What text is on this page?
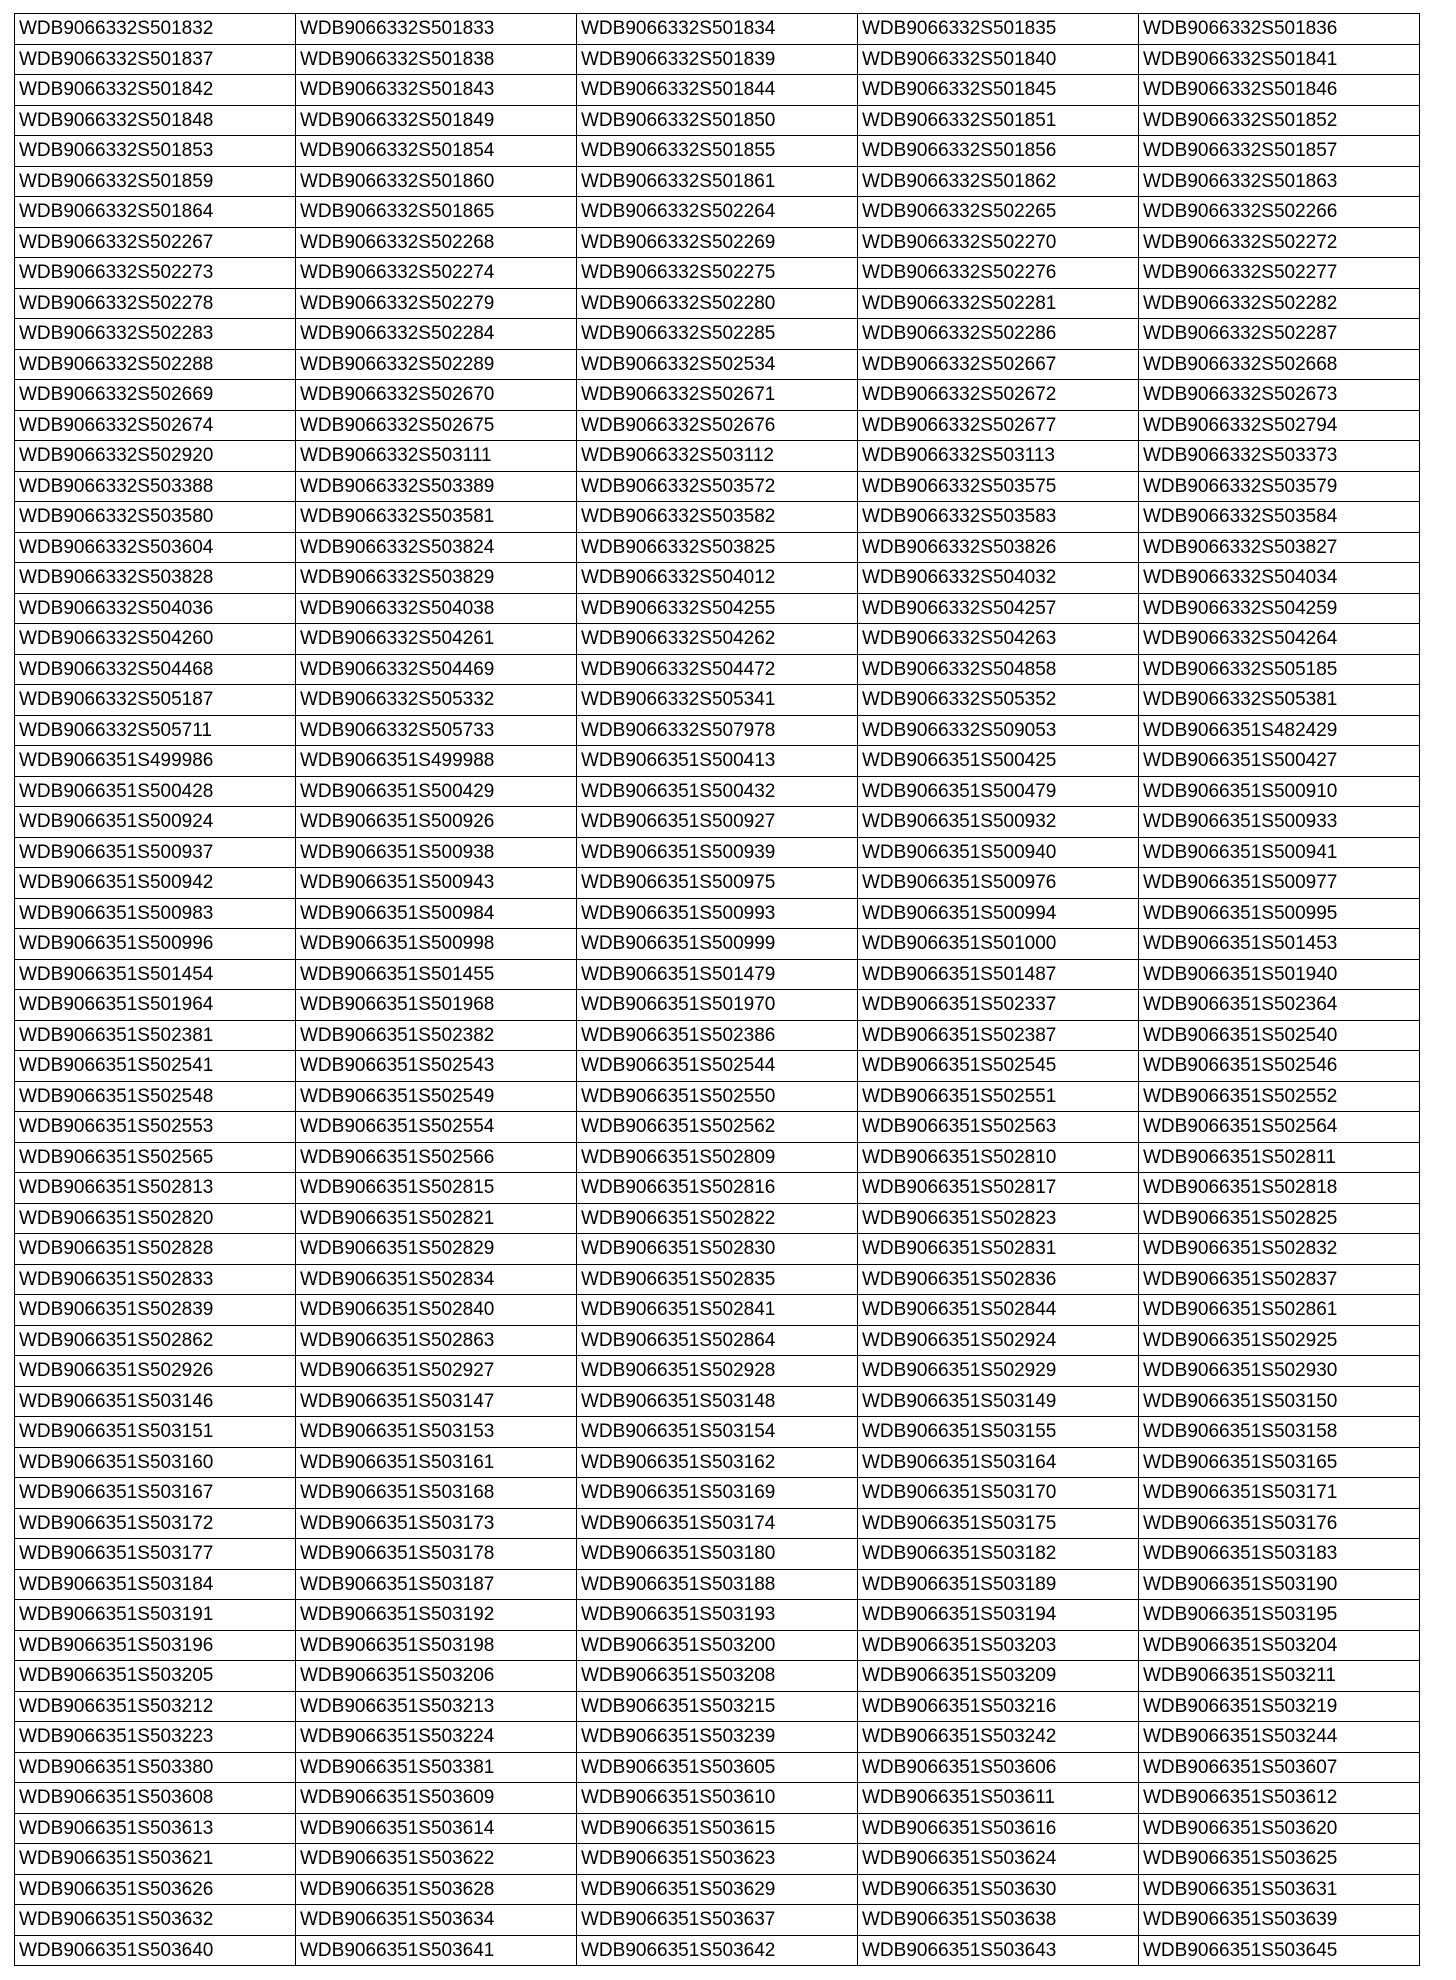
WDB9066332S501832	WDB9066332S501833	WDB9066332S501834	WDB9066332S501835	WDB9066332S501836
WDB9066332S501837	WDB9066332S501838	WDB9066332S501839	WDB9066332S501840	WDB9066332S501841
WDB9066332S501842	WDB9066332S501843	WDB9066332S501844	WDB9066332S501845	WDB9066332S501846
WDB9066332S501848	WDB9066332S501849	WDB9066332S501850	WDB9066332S501851	WDB9066332S501852
WDB9066332S501853	WDB9066332S501854	WDB9066332S501855	WDB9066332S501856	WDB9066332S501857
WDB9066332S501859	WDB9066332S501860	WDB9066332S501861	WDB9066332S501862	WDB9066332S501863
WDB9066332S501864	WDB9066332S501865	WDB9066332S502264	WDB9066332S502265	WDB9066332S502266
WDB9066332S502267	WDB9066332S502268	WDB9066332S502269	WDB9066332S502270	WDB9066332S502272
WDB9066332S502273	WDB9066332S502274	WDB9066332S502275	WDB9066332S502276	WDB9066332S502277
WDB9066332S502278	WDB9066332S502279	WDB9066332S502280	WDB9066332S502281	WDB9066332S502282
WDB9066332S502283	WDB9066332S502284	WDB9066332S502285	WDB9066332S502286	WDB9066332S502287
WDB9066332S502288	WDB9066332S502289	WDB9066332S502534	WDB9066332S502667	WDB9066332S502668
WDB9066332S502669	WDB9066332S502670	WDB9066332S502671	WDB9066332S502672	WDB9066332S502673
WDB9066332S502674	WDB9066332S502675	WDB9066332S502676	WDB9066332S502677	WDB9066332S502794
WDB9066332S502920	WDB9066332S503111	WDB9066332S503112	WDB9066332S503113	WDB9066332S503373
WDB9066332S503388	WDB9066332S503389	WDB9066332S503572	WDB9066332S503575	WDB9066332S503579
WDB9066332S503580	WDB9066332S503581	WDB9066332S503582	WDB9066332S503583	WDB9066332S503584
WDB9066332S503604	WDB9066332S503824	WDB9066332S503825	WDB9066332S503826	WDB9066332S503827
WDB9066332S503828	WDB9066332S503829	WDB9066332S504012	WDB9066332S504032	WDB9066332S504034
WDB9066332S504036	WDB9066332S504038	WDB9066332S504255	WDB9066332S504257	WDB9066332S504259
WDB9066332S504260	WDB9066332S504261	WDB9066332S504262	WDB9066332S504263	WDB9066332S504264
WDB9066332S504468	WDB9066332S504469	WDB9066332S504472	WDB9066332S504858	WDB9066332S505185
WDB9066332S505187	WDB9066332S505332	WDB9066332S505341	WDB9066332S505352	WDB9066332S505381
WDB9066332S505711	WDB9066332S505733	WDB9066332S507978	WDB9066332S509053	WDB9066351S482429
WDB9066351S499986	WDB9066351S499988	WDB9066351S500413	WDB9066351S500425	WDB9066351S500427
WDB9066351S500428	WDB9066351S500429	WDB9066351S500432	WDB9066351S500479	WDB9066351S500910
WDB9066351S500924	WDB9066351S500926	WDB9066351S500927	WDB9066351S500932	WDB9066351S500933
WDB9066351S500937	WDB9066351S500938	WDB9066351S500939	WDB9066351S500940	WDB9066351S500941
WDB9066351S500942	WDB9066351S500943	WDB9066351S500975	WDB9066351S500976	WDB9066351S500977
WDB9066351S500983	WDB9066351S500984	WDB9066351S500993	WDB9066351S500994	WDB9066351S500995
WDB9066351S500996	WDB9066351S500998	WDB9066351S500999	WDB9066351S501000	WDB9066351S501453
WDB9066351S501454	WDB9066351S501455	WDB9066351S501479	WDB9066351S501487	WDB9066351S501940
WDB9066351S501964	WDB9066351S501968	WDB9066351S501970	WDB9066351S502337	WDB9066351S502364
WDB9066351S502381	WDB9066351S502382	WDB9066351S502386	WDB9066351S502387	WDB9066351S502540
WDB9066351S502541	WDB9066351S502543	WDB9066351S502544	WDB9066351S502545	WDB9066351S502546
WDB9066351S502548	WDB9066351S502549	WDB9066351S502550	WDB9066351S502551	WDB9066351S502552
WDB9066351S502553	WDB9066351S502554	WDB9066351S502562	WDB9066351S502563	WDB9066351S502564
WDB9066351S502565	WDB9066351S502566	WDB9066351S502809	WDB9066351S502810	WDB9066351S502811
WDB9066351S502813	WDB9066351S502815	WDB9066351S502816	WDB9066351S502817	WDB9066351S502818
WDB9066351S502820	WDB9066351S502821	WDB9066351S502822	WDB9066351S502823	WDB9066351S502825
WDB9066351S502828	WDB9066351S502829	WDB9066351S502830	WDB9066351S502831	WDB9066351S502832
WDB9066351S502833	WDB9066351S502834	WDB9066351S502835	WDB9066351S502836	WDB9066351S502837
WDB9066351S502839	WDB9066351S502840	WDB9066351S502841	WDB9066351S502844	WDB9066351S502861
WDB9066351S502862	WDB9066351S502863	WDB9066351S502864	WDB9066351S502924	WDB9066351S502925
WDB9066351S502926	WDB9066351S502927	WDB9066351S502928	WDB9066351S502929	WDB9066351S502930
WDB9066351S503146	WDB9066351S503147	WDB9066351S503148	WDB9066351S503149	WDB9066351S503150
WDB9066351S503151	WDB9066351S503153	WDB9066351S503154	WDB9066351S503155	WDB9066351S503158
WDB9066351S503160	WDB9066351S503161	WDB9066351S503162	WDB9066351S503164	WDB9066351S503165
WDB9066351S503167	WDB9066351S503168	WDB9066351S503169	WDB9066351S503170	WDB9066351S503171
WDB9066351S503172	WDB9066351S503173	WDB9066351S503174	WDB9066351S503175	WDB9066351S503176
WDB9066351S503177	WDB9066351S503178	WDB9066351S503180	WDB9066351S503182	WDB9066351S503183
WDB9066351S503184	WDB9066351S503187	WDB9066351S503188	WDB9066351S503189	WDB9066351S503190
WDB9066351S503191	WDB9066351S503192	WDB9066351S503193	WDB9066351S503194	WDB9066351S503195
WDB9066351S503196	WDB9066351S503198	WDB9066351S503200	WDB9066351S503203	WDB9066351S503204
WDB9066351S503205	WDB9066351S503206	WDB9066351S503208	WDB9066351S503209	WDB9066351S503211
WDB9066351S503212	WDB9066351S503213	WDB9066351S503215	WDB9066351S503216	WDB9066351S503219
WDB9066351S503223	WDB9066351S503224	WDB9066351S503239	WDB9066351S503242	WDB9066351S503244
WDB9066351S503380	WDB9066351S503381	WDB9066351S503605	WDB9066351S503606	WDB9066351S503607
WDB9066351S503608	WDB9066351S503609	WDB9066351S503610	WDB9066351S503611	WDB9066351S503612
WDB9066351S503613	WDB9066351S503614	WDB9066351S503615	WDB9066351S503616	WDB9066351S503620
WDB9066351S503621	WDB9066351S503622	WDB9066351S503623	WDB9066351S503624	WDB9066351S503625
WDB9066351S503626	WDB9066351S503628	WDB9066351S503629	WDB9066351S503630	WDB9066351S503631
WDB9066351S503632	WDB9066351S503634	WDB9066351S503637	WDB9066351S503638	WDB9066351S503639
WDB9066351S503640	WDB9066351S503641	WDB9066351S503642	WDB9066351S503643	WDB9066351S503645
